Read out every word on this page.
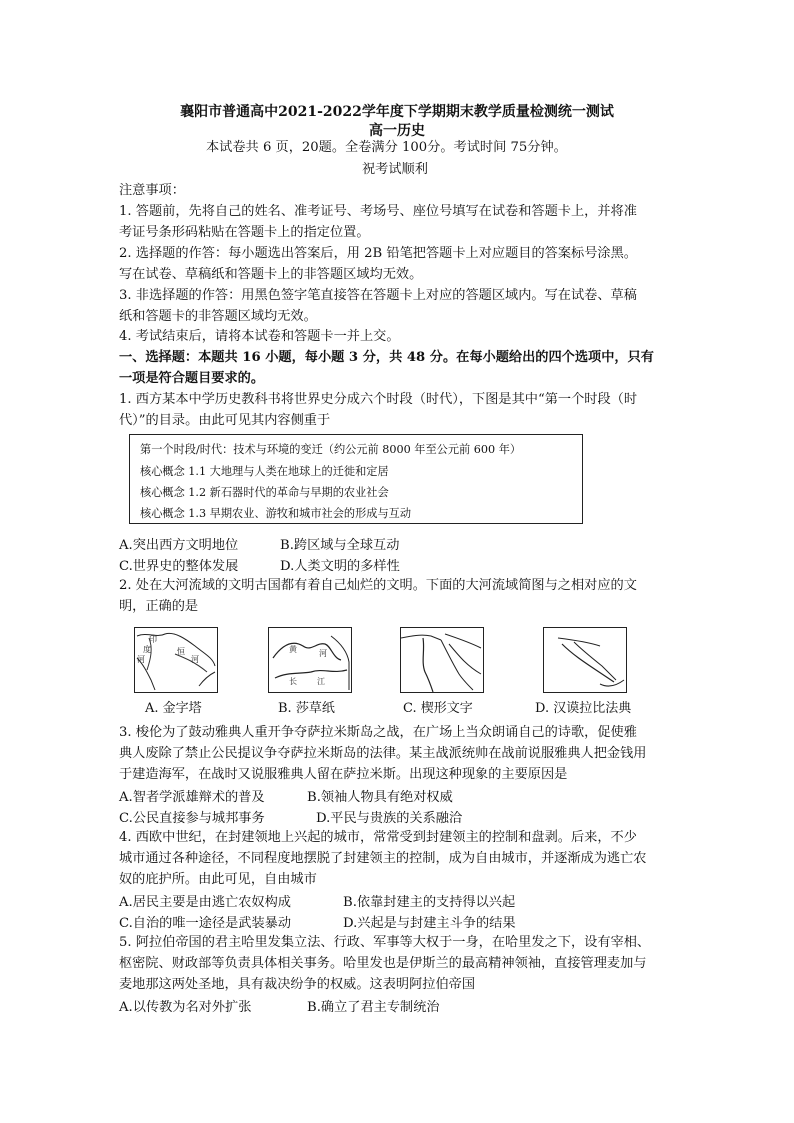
襄阳市普通高中2021-2022学年度下学期期末教学质量检测统一测试
高一历史
本试卷共 6 页，20题。全卷满分 100分。考试时间 75分钟。
祝考试顺利
注意事项：
1. 答题前，先将自己的姓名、准考证号、考场号、座位号填写在试卷和答题卡上，并将准
考证号条形码粘贴在答题卡上的指定位置。
2. 选择题的作答：每小题选出答案后，用 2B 铅笔把答题卡上对应题目的答案标号涂黑。
写在试卷、草稿纸和答题卡上的非答题区域均无效。
3. 非选择题的作答：用黑色签字笔直接答在答题卡上对应的答题区域内。写在试卷、草稿
纸和答题卡的非答题区域均无效。
4. 考试结束后，请将本试卷和答题卡一并上交。
一、选择题：本题共 16 小题，每小题 3 分，共 48 分。在每小题给出的四个选项中，只有
一项是符合题目要求的。
1. 西方某本中学历史教科书将世界史分成六个时段（时代），下图是其中“第一个时段（时
代）”的目录。由此可见其内容侧重于
第一个时段/时代：技术与环境的变迁（约公元前 8000 年至公元前 600 年）
核心概念 1.1 大地理与人类在地球上的迁徙和定居
核心概念 1.2 新石器时代的革命与早期的农业社会
核心概念 1.3 早期农业、游牧和城市社会的形成与互动
A.突出西方文明地位	B.跨区域与全球互动
C.世界史的整体发展	D.人类文明的多样性
2. 处在大河流域的文明古国都有着自己灿烂的文明。下面的大河流域简图与之相对应的文
明，正确的是
印
度
河
恒
河
黄	河
长	江
A. 金字塔	B. 莎草纸	C. 楔形文字	D. 汉谟拉比法典
3. 梭伦为了鼓动雅典人重开争夺萨拉米斯岛之战，在广场上当众朗诵自己的诗歌，促使雅
典人废除了禁止公民提议争夺萨拉米斯岛的法律。某主战派统帅在战前说服雅典人把金钱用
于建造海军，在战时又说服雅典人留在萨拉米斯。出现这种现象的主要原因是
A.智者学派雄辩术的普及	B.领袖人物具有绝对权威
C.公民直接参与城邦事务	D.平民与贵族的关系融洽
4. 西欧中世纪，在封建领地上兴起的城市，常常受到封建领主的控制和盘剥。后来，不少
城市通过各种途径，不同程度地摆脱了封建领主的控制，成为自由城市，并逐渐成为逃亡农
奴的庇护所。由此可见，自由城市
A.居民主要是由逃亡农奴构成	B.依靠封建主的支持得以兴起
C.自治的唯一途径是武装暴动	D.兴起是与封建主斗争的结果
5. 阿拉伯帝国的君主哈里发集立法、行政、军事等大权于一身，在哈里发之下，设有宰相、
枢密院、财政部等负责具体相关事务。哈里发也是伊斯兰的最高精神领袖，直接管理麦加与
麦地那这两处圣地，具有裁决纷争的权威。这表明阿拉伯帝国
A.以传教为名对外扩张	B.确立了君主专制统治
